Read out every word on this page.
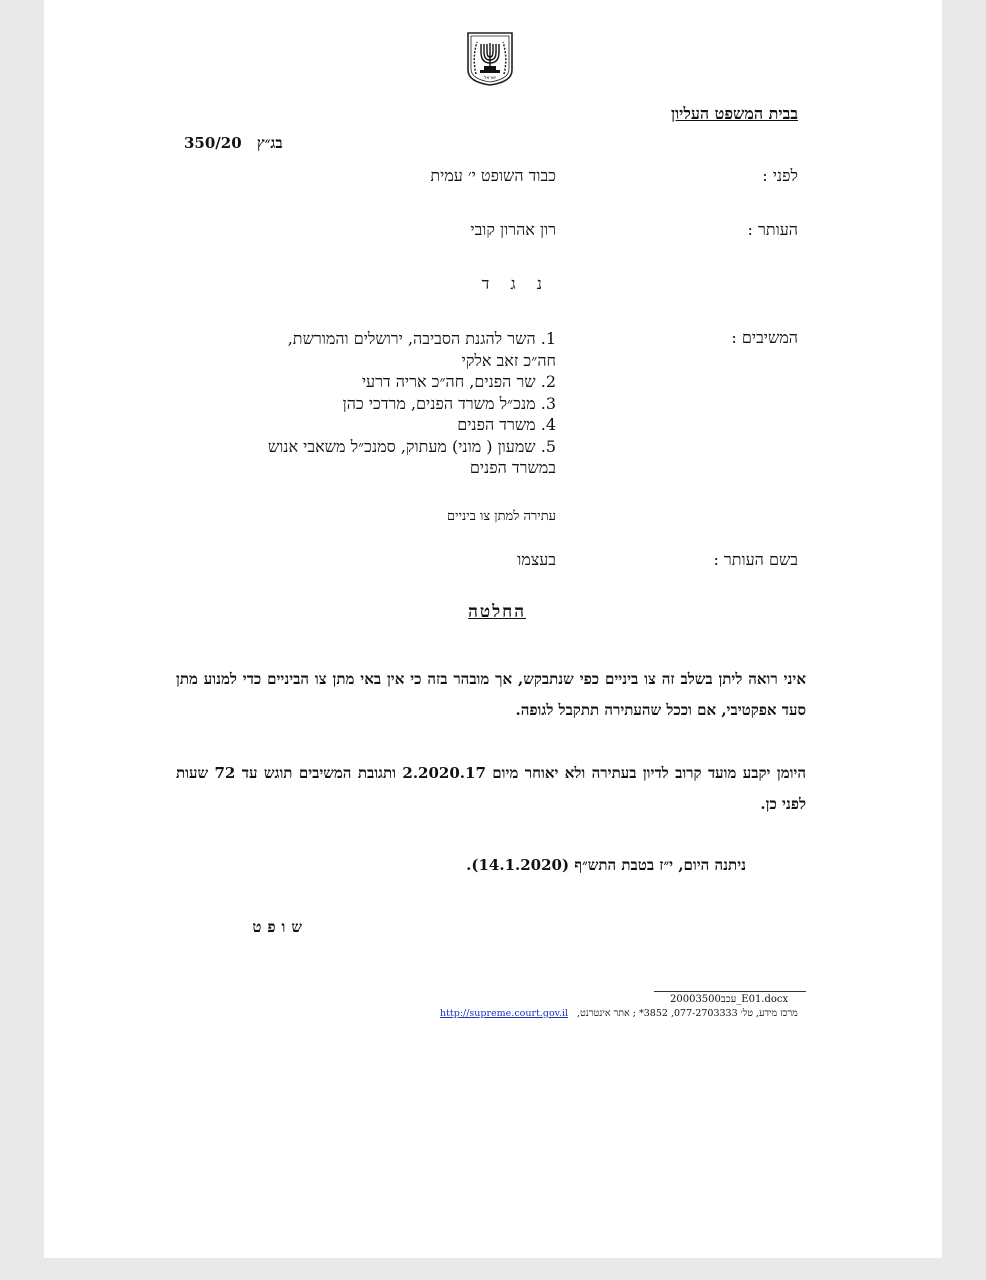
ישראל
בבית המשפט העליון
350/20 בג״ץ
לפני :
כבוד השופט י׳ עמית
העותר :
רון אהרון קובי
נ ג ד
המשיבים :
1. השר להגנת הסביבה, ירושלים והמורשת,
חה״כ זאב אלקי
2. שר הפנים, חה״כ אריה דרעי
3. מנכ״ל משרד הפנים, מרדכי כהן
4. משרד הפנים
5. שמעון ( מוני) מעתוק, סמנכ״ל משאבי אנוש
במשרד הפנים
עתירה למתן צו ביניים
בשם העותר :
בעצמו
החלטה
איני רואה ליתן בשלב זה צו ביניים כפי שנתבקש, אך מובהר בזה כי אין באי מתן צו הביניים כדי למנוע מתן סעד אפקטיבי, אם וככל שהעתירה תתקבל לגופה.
היומן יקבע מועד קרוב לדיון בעתירה ולא יאוחר מיום 2.2020.17 ותגובת המשיבים תוגש עד 72 שעות לפני כן.
ניתנה היום, י״ז בטבת התש״ף (14.1.2020).
שופט
עכב20003500_E01.docx
http://supreme.court.gov.il מרכז מידע, טל׳ 077-2703333, 3852* ; אתר אינטרנט,
